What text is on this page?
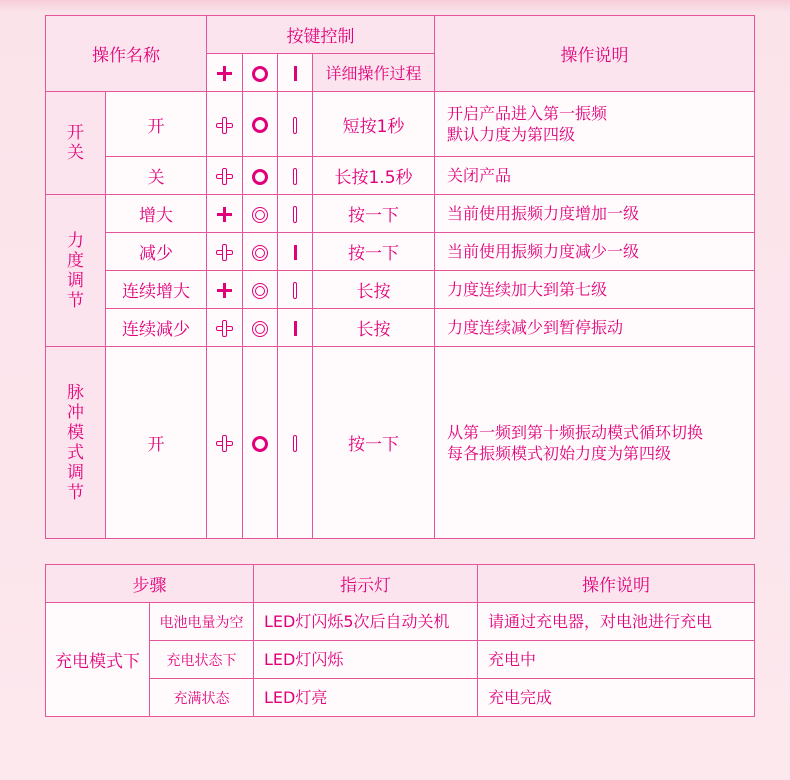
操作名称		按键控制				操作说明
					详细操作过程	
开关	开				短按1秒	开启产品进入第一振频
默认力度为第四级

	关				长按1.5秒	关闭产品

力度调节	增大				按一下	当前使用振频力度增加一级

	减少				按一下	当前使用振频力度减少一级

	连续增大				长按	力度连续加大到第七级

	连续减少				长按	力度连续减少到暂停振动

脉冲模式调节	开				按一下	从第一频到第十频振动模式循环切换
每各振频模式初始力度为第四级
步骤		指示灯	操作说明
充电模式下	电池电量为空	LED灯闪烁5次后自动关机	请通过充电器，对电池进行充电
	充电状态下	LED灯闪烁	充电中
	充满状态	LED灯亮	充电完成
